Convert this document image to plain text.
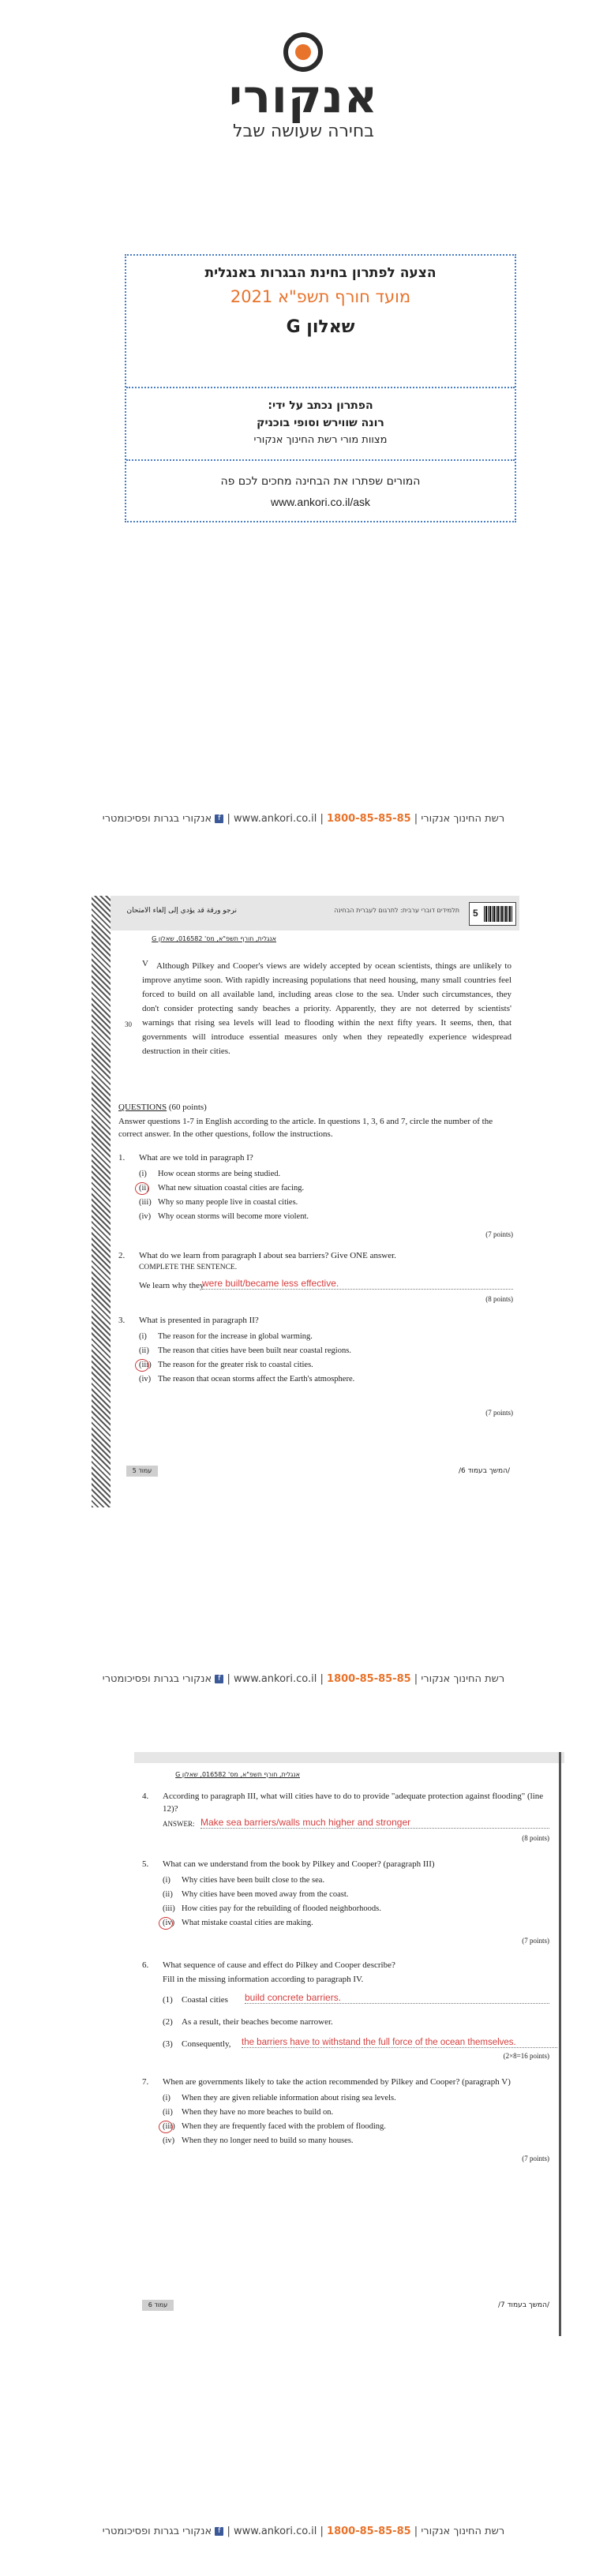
אנקורי
בחירה שעושה שבל
הצעה לפתרון בחינת הבגרות באנגלית
מועד חורף תשפ"א 2021
שאלון G
הפתרון נכתב על ידי:
רונה שווירש וסופי בוכניק
מצוות מורי רשת החינוך אנקורי
המורים שפתרו את הבחינה מחכים לכם פה
www.ankori.co.il/ask
רשת החינוך אנקורי | 1800-85-85-85 | www.ankori.co.il | f אנקורי בגרות ופסיכומטרי
نرجو ورقة قد يؤدي إلى إلغاء الامتحان	תלמידים דוברי ערבית: לתרגום לעברית הבחינה 5
אנגלית, חורף תשפ"א, מס' 016582, שאלון G
V
30
Although Pilkey and Cooper's views are widely accepted by ocean scientists, things are unlikely to improve anytime soon. With rapidly increasing populations that need housing, many small countries feel forced to build on all available land, including areas close to the sea. Under such circumstances, they don't consider protecting sandy beaches a priority. Apparently, they are not deterred by scientists' warnings that rising sea levels will lead to flooding within the next fifty years. It seems, then, that governments will introduce essential measures only when they repeatedly experience widespread destruction in their cities.
QUESTIONS (60 points)
Answer questions 1-7 in English according to the article. In questions 1, 3, 6 and 7, circle the number of the correct answer. In the other questions, follow the instructions.
1. What are we told in paragraph I?
(i) How ocean storms are being studied.
(ii) What new situation coastal cities are facing.
(iii) Why so many people live in coastal cities.
(iv) Why ocean storms will become more violent.
(7 points)
2. What do we learn from paragraph I about sea barriers? Give ONE answer.
COMPLETE THE SENTENCE.
We learn why they
were built/became less effective.
(8 points)
3. What is presented in paragraph II?
(i) The reason for the increase in global warming.
(ii) The reason that cities have been built near coastal regions.
(iii) The reason for the greater risk to coastal cities.
(iv) The reason that ocean storms affect the Earth's atmosphere.
(7 points)
עמוד 5	/המשך בעמוד 6/
רשת החינוך אנקורי | 1800-85-85-85 | www.ankori.co.il | f אנקורי בגרות ופסיכומטרי
אנגלית, חורף תשפ"א, מס' 016582, שאלון G
4. According to paragraph III, what will cities have to do to provide "adequate protection against flooding" (line 12)?
ANSWER: Make sea barriers/walls much higher and stronger
(8 points)
5. What can we understand from the book by Pilkey and Cooper? (paragraph III)
(i) Why cities have been built close to the sea.
(ii) Why cities have been moved away from the coast.
(iii) How cities pay for the rebuilding of flooded neighborhoods.
(iv) What mistake coastal cities are making.
(7 points)
6. What sequence of cause and effect do Pilkey and Cooper describe?
Fill in the missing information according to paragraph IV.
(1) Coastal cities	build concrete barriers.
(2) As a result, their beaches become narrower.
(3) Consequently,	the barriers have to withstand the full force of the ocean themselves.
(2×8=16 points)
7. When are governments likely to take the action recommended by Pilkey and Cooper? (paragraph V)
(i) When they are given reliable information about rising sea levels.
(ii) When they have no more beaches to build on.
(iii) When they are frequently faced with the problem of flooding.
(iv) When they no longer need to build so many houses.
(7 points)
עמוד 6	/המשך בעמוד 7/
רשת החינוך אנקורי | 1800-85-85-85 | www.ankori.co.il | f אנקורי בגרות ופסיכומטרי
